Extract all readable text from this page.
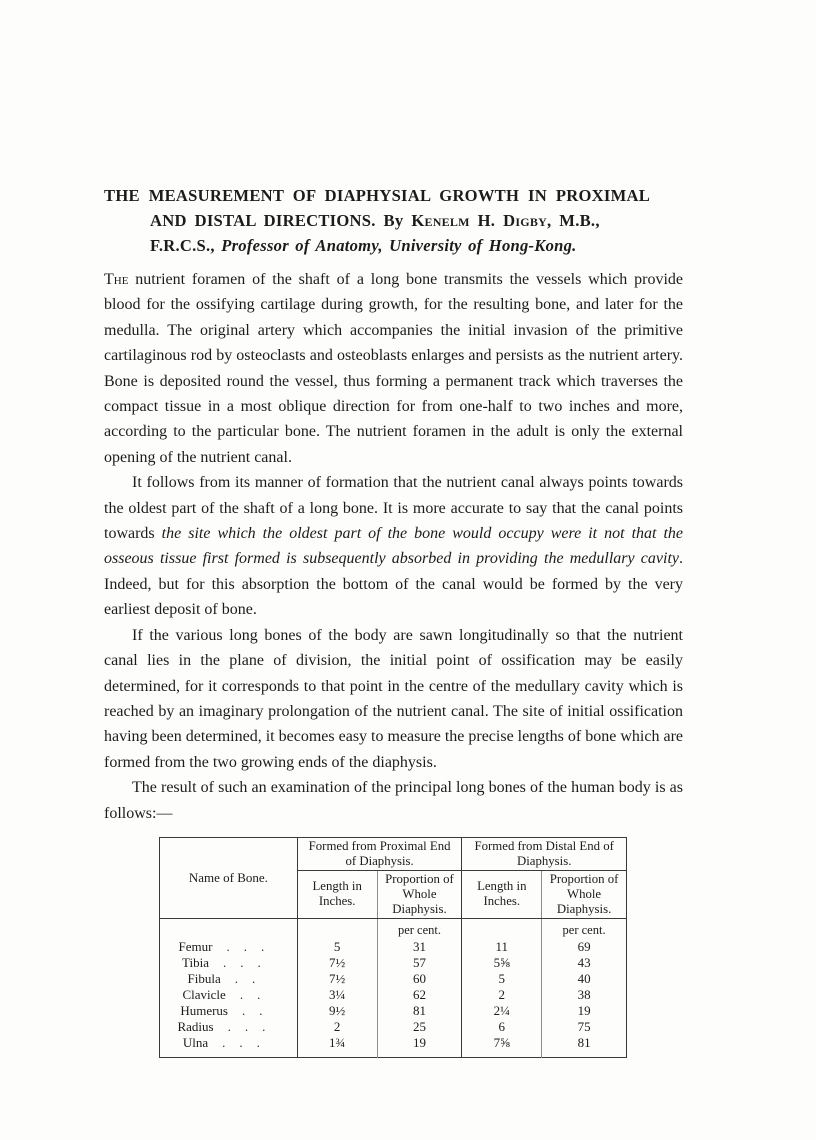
THE MEASUREMENT OF DIAPHYSIAL GROWTH IN PROXIMAL
AND DISTAL DIRECTIONS. By Kenelm H. Digby, M.B.,
F.R.C.S., Professor of Anatomy, University of Hong-Kong.

The nutrient foramen of the shaft of a long bone transmits the vessels which provide blood for the ossifying cartilage during growth, for the resulting bone, and later for the medulla. The original artery which accompanies the initial invasion of the primitive cartilaginous rod by osteoclasts and osteoblasts enlarges and persists as the nutrient artery. Bone is deposited round the vessel, thus forming a permanent track which traverses the compact tissue in a most oblique direction for from one-half to two inches and more, according to the particular bone. The nutrient foramen in the adult is only the external opening of the nutrient canal.

It follows from its manner of formation that the nutrient canal always points towards the oldest part of the shaft of a long bone. It is more accurate to say that the canal points towards the site which the oldest part of the bone would occupy were it not that the osseous tissue first formed is subsequently absorbed in providing the medullary cavity. Indeed, but for this absorption the bottom of the canal would be formed by the very earliest deposit of bone.

If the various long bones of the body are sawn longitudinally so that the nutrient canal lies in the plane of division, the initial point of ossification may be easily determined, for it corresponds to that point in the centre of the medullary cavity which is reached by an imaginary prolongation of the nutrient canal. The site of initial ossification having been determined, it becomes easy to measure the precise lengths of bone which are formed from the two growing ends of the diaphysis.

The result of such an examination of the principal long bones of the human body is as follows:—

Name of Bone.	Formed from Proximal End of Diaphysis.		Formed from Distal End of Diaphysis.	
	Length in Inches.	Proportion of Whole Diaphysis.	Length in Inches.	Proportion of Whole Diaphysis.
		per cent.		per cent.
Femur ...	5	31	11	69
Tibia ...	7½	57	5⅝	43
Fibula ..	7½	60	5	40
Clavicle ..	3¼	62	2	38
Humerus ..	9½	81	2¼	19
Radius ...	2	25	6	75
Ulna ...	1¾	19	7⅝	81
